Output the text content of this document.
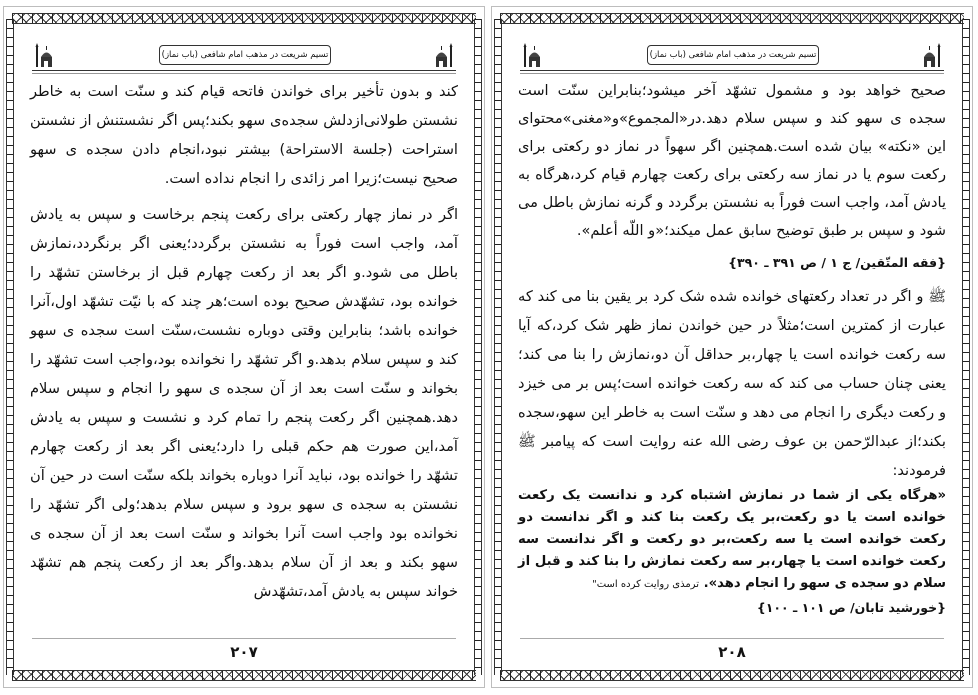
تسیم شریعت در مذهب امام شافعی (باب نماز)

کند و بدون تأخیر برای خواندن فاتحه قیام کند و سنّت است به خاطر نشستن طولانی‌ازدلش سجده‌ی سهو بکند؛پس اگر نشستنش از نشستن استراحت (جلسة الاستراحة) بیشتر نبود،انجام دادن سجده ی سهو صحیح نیست؛زیرا امر زائدی را انجام نداده است.

اگر در نماز چهار رکعتی برای رکعت پنجم برخاست و سپس به یادش آمد، واجب است فوراً به نشستن برگردد؛یعنی اگر برنگردد،نمازش باطل می شود.و اگر بعد از رکعت چهارم قبل از برخاستن تشهّد را خوانده بود، تشهّدش صحیح بوده است؛هر چند که با نیّت تشهّد اول،آنرا خوانده باشد؛ بنابراین وقتی دوباره نشست،سنّت است سجده ی سهو کند و سپس سلام بدهد.و اگر تشهّد را نخوانده بود،واجب است تشهّد را بخواند و سنّت است بعد از آن سجده ی سهو را انجام و سپس سلام دهد.همچنین اگر رکعت پنجم را تمام کرد و نشست و سپس به یادش آمد،این صورت هم حکم قبلی را دارد؛یعنی اگر بعد از رکعت چهارم تشهّد را خوانده بود، نباید آنرا دوباره بخواند بلکه سنّت است در حین آن نشستن به سجده ی سهو برود و سپس سلام بدهد؛ولی اگر تشهّد را نخوانده بود واجب است آنرا بخواند و سنّت است بعد از آن سجده ی سهو بکند و بعد از آن سلام بدهد.واگر بعد از رکعت پنجم هم تشهّد خواند سپس به یادش آمد،تشهّدش

۲۰۷
تسیم شریعت در مذهب امام شافعی (باب نماز)

صحیح خواهد بود و مشمول تشهّد آخر میشود؛بنابراین سنّت است سجده ی سهو کند و سپس سلام دهد.در«المجموع»و«مغنی»محتوای این «نکته» بیان شده است.همچنین اگر سهواً در نماز دو رکعتی برای رکعت سوم یا در نماز سه رکعتی برای رکعت چهارم قیام کرد،هرگاه به یادش آمد، واجب است فوراً به نشستن برگردد و گرنه نمازش باطل می شود و سپس بر طبق توضیح سابق عمل میکند؛«و اللّه أعلم».

{فقه المتّقین/ ج ۱ / ص ۳۹۱ ـ ۳۹۰}

ﷺ و اگر در تعداد رکعتهای خوانده شده شک کرد بر یقین بنا می کند که عبارت از کمترین است؛مثلاً در حین خواندن نماز ظهر شک کرد،که آیا سه رکعت خوانده است یا چهار،بر حداقل آن دو،نمازش را بنا می کند؛ یعنی چنان حساب می کند که سه رکعت خوانده است؛پس بر می خیزد و رکعت دیگری را انجام می دهد و سنّت است به خاطر این سهو،سجده بکند؛از عبدالرّحمن بن عوف رضی الله عنه روایت است که پیامبر ﷺ فرمودند:

«هرگاه یکی از شما در نمازش اشتباه کرد و ندانست یک رکعت خوانده است یا دو رکعت،بر یک رکعت بنا کند و اگر ندانست دو رکعت خوانده است یا سه رکعت،بر دو رکعت و اگر ندانست سه رکعت خوانده است یا چهار،بر سه رکعت نمازش را بنا کند و قبل از سلام دو سجده ی سهو را انجام دهد». ترمذی روایت کرده است"

{خورشید تابان/ ص ۱۰۱ ـ ۱۰۰}

۲۰۸
